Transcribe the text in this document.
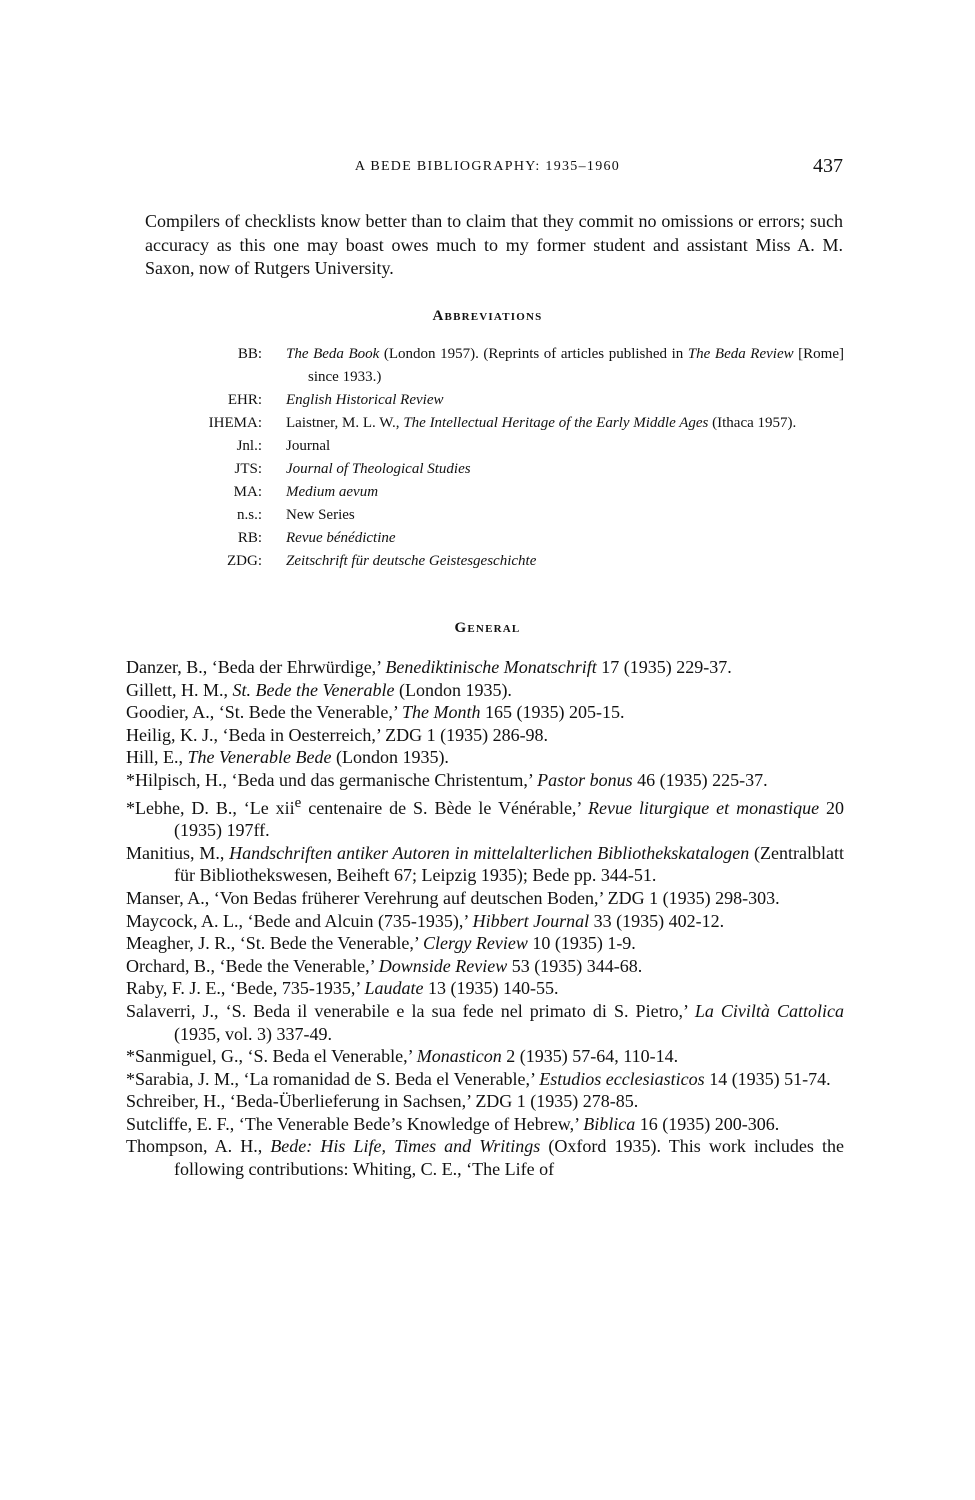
A BEDE BIBLIOGRAPHY: 1935–1960	437

Compilers of checklists know better than to claim that they commit no omissions or errors; such accuracy as this one may boast owes much to my former student and assistant Miss A. M. Saxon, now of Rutgers University.

Abbreviations
BB:	The Beda Book (London 1957). (Reprints of articles published in The Beda Review [Rome] since 1933.)
EHR:	English Historical Review
IHEMA:	Laistner, M. L. W., The Intellectual Heritage of the Early Middle Ages (Ithaca 1957).
Jnl.:	Journal
JTS:	Journal of Theological Studies
MA:	Medium aevum
n.s.:	New Series
RB:	Revue bénédictine
ZDG:	Zeitschrift für deutsche Geistesgeschichte
General

Danzer, B., ‘Beda der Ehrwürdige,’ Benediktinische Monatschrift 17 (1935) 229-37.

Gillett, H. M., St. Bede the Venerable (London 1935).

Goodier, A., ‘St. Bede the Venerable,’ The Month 165 (1935) 205-15.

Heilig, K. J., ‘Beda in Oesterreich,’ ZDG 1 (1935) 286-98.

Hill, E., The Venerable Bede (London 1935).

*Hilpisch, H., ‘Beda und das germanische Christentum,’ Pastor bonus 46 (1935) 225-37.

*Lebhe, D. B., ‘Le xii$^e$ centenaire de S. Bède le Vénérable,’ Revue liturgique et monastique 20 (1935) 197ff.

Manitius, M., Handschriften antiker Autoren in mittelalterlichen Bibliothekskatalogen (Zentralblatt für Bibliothekswesen, Beiheft 67; Leipzig 1935); Bede pp. 344-51.

Manser, A., ‘Von Bedas früherer Verehrung auf deutschen Boden,’ ZDG 1 (1935) 298-303.

Maycock, A. L., ‘Bede and Alcuin (735-1935),’ Hibbert Journal 33 (1935) 402-12.

Meagher, J. R., ‘St. Bede the Venerable,’ Clergy Review 10 (1935) 1-9.

Orchard, B., ‘Bede the Venerable,’ Downside Review 53 (1935) 344-68.

Raby, F. J. E., ‘Bede, 735-1935,’ Laudate 13 (1935) 140-55.

Salaverri, J., ‘S. Beda il venerabile e la sua fede nel primato di S. Pietro,’ La Civiltà Cattolica (1935, vol. 3) 337-49.

*Sanmiguel, G., ‘S. Beda el Venerable,’ Monasticon 2 (1935) 57-64, 110-14.

*Sarabia, J. M., ‘La romanidad de S. Beda el Venerable,’ Estudios ecclesiasticos 14 (1935) 51-74.

Schreiber, H., ‘Beda-Überlieferung in Sachsen,’ ZDG 1 (1935) 278-85.

Sutcliffe, E. F., ‘The Venerable Bede’s Knowledge of Hebrew,’ Biblica 16 (1935) 200-306.

Thompson, A. H., Bede: His Life, Times and Writings (Oxford 1935). This work includes the following contributions: Whiting, C. E., ‘The Life of
